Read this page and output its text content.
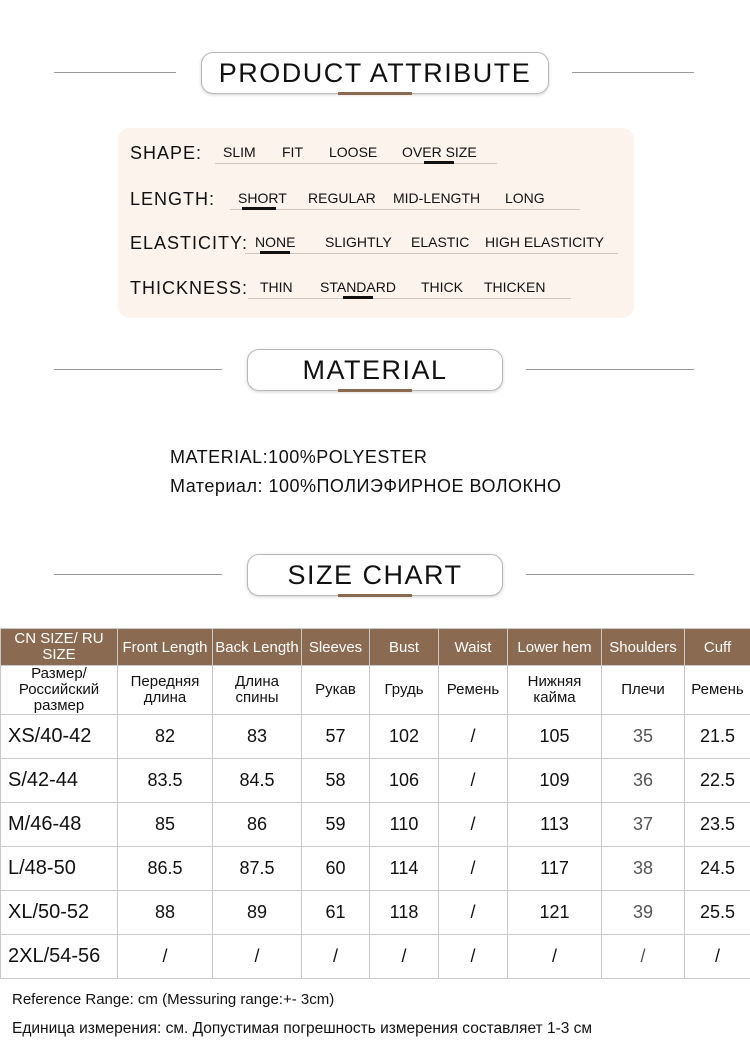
PRODUCT ATTRIBUTE
SHAPE: SLIM FIT LOOSE OVER SIZE
LENGTH: SHORT REGULAR MID-LENGTH LONG
ELASTICITY: NONE SLIGHTLY ELASTIC HIGH ELASTICITY
THICKNESS: THIN STANDARD THICK THICKEN
MATERIAL
MATERIAL:100%POLYESTER
Материал: 100%ПОЛИЭФИРНОЕ ВОЛОКНО
SIZE CHART
CN SIZE/ RU SIZE	Front Length	Back Length	Sleeves	Bust	Waist	Lower hem	Shoulders	Cuff
Размер/ Российский размер	Передняя длина	Длина спины	Рукав	Грудь	Ремень	Нижняя кайма	Плечи	Ремень
XS/40-42	82	83	57	102	/	105	35	21.5
S/42-44	83.5	84.5	58	106	/	109	36	22.5
M/46-48	85	86	59	110	/	113	37	23.5
L/48-50	86.5	87.5	60	114	/	117	38	24.5
XL/50-52	88	89	61	118	/	121	39	25.5
2XL/54-56	/	/	/	/	/	/	/	/
Reference Range: cm (Messuring range:+- 3cm)
Единица измерения: см. Допустимая погрешность измерения составляет 1-3 см
